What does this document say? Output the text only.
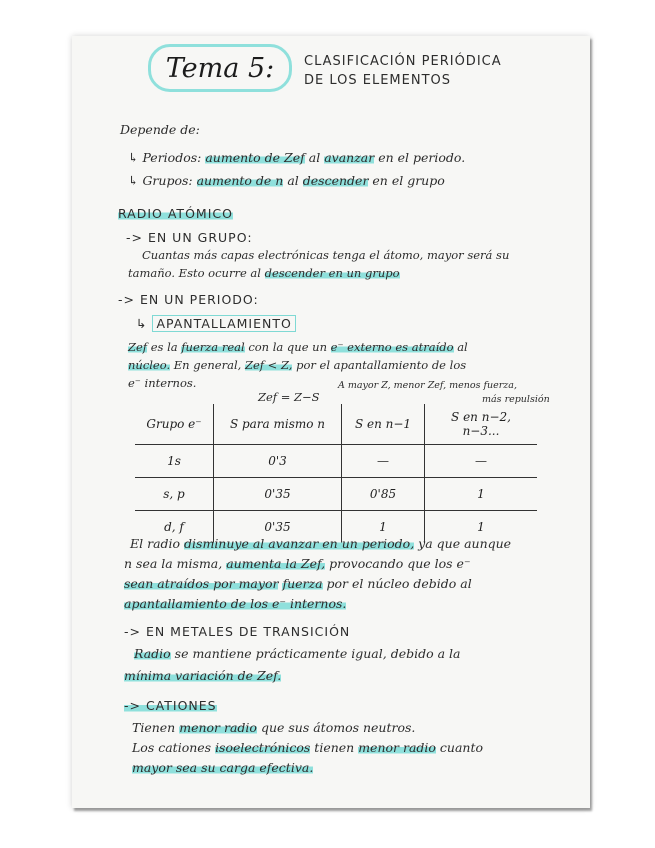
Tema 5: CLASIFICACIÓN PERIÓDICA
DE LOS ELEMENTOS
Depende de:
↳ Periodos: aumento de Zef al avanzar en el periodo.
↳ Grupos: aumento de n al descender en el grupo
RADIO ATÓMICO
-> EN UN GRUPO:
Cuantas más capas electrónicas tenga el átomo, mayor será su
tamaño. Esto ocurre al descender en un grupo
-> EN UN PERIODO:
↳ APANTALLAMIENTO
Zef es la fuerza real con la que un e⁻ externo es atraído al
núcleo. En general, Zef < Z, por el apantallamiento de los
e⁻ internos.
Zef = Z−S
A mayor Z, menor Zef, menos fuerza,
más repulsión
Grupo e⁻	S para mismo n	S en n−1	S en n−2, n−3...
1s	0'3	—	—
s, p	0'35	0'85	1
d, f	0'35	1	1
El radio disminuye al avanzar en un periodo, ya que aunque
n sea la misma, aumenta la Zef, provocando que los e⁻
sean atraídos por mayor fuerza por el núcleo debido al
apantallamiento de los e⁻ internos.
-> EN METALES DE TRANSICIÓN
Radio se mantiene prácticamente igual, debido a la
mínima variación de Zef.
-> CATIONES
Tienen menor radio que sus átomos neutros.
Los cationes isoelectrónicos tienen menor radio cuanto
mayor sea su carga efectiva.
